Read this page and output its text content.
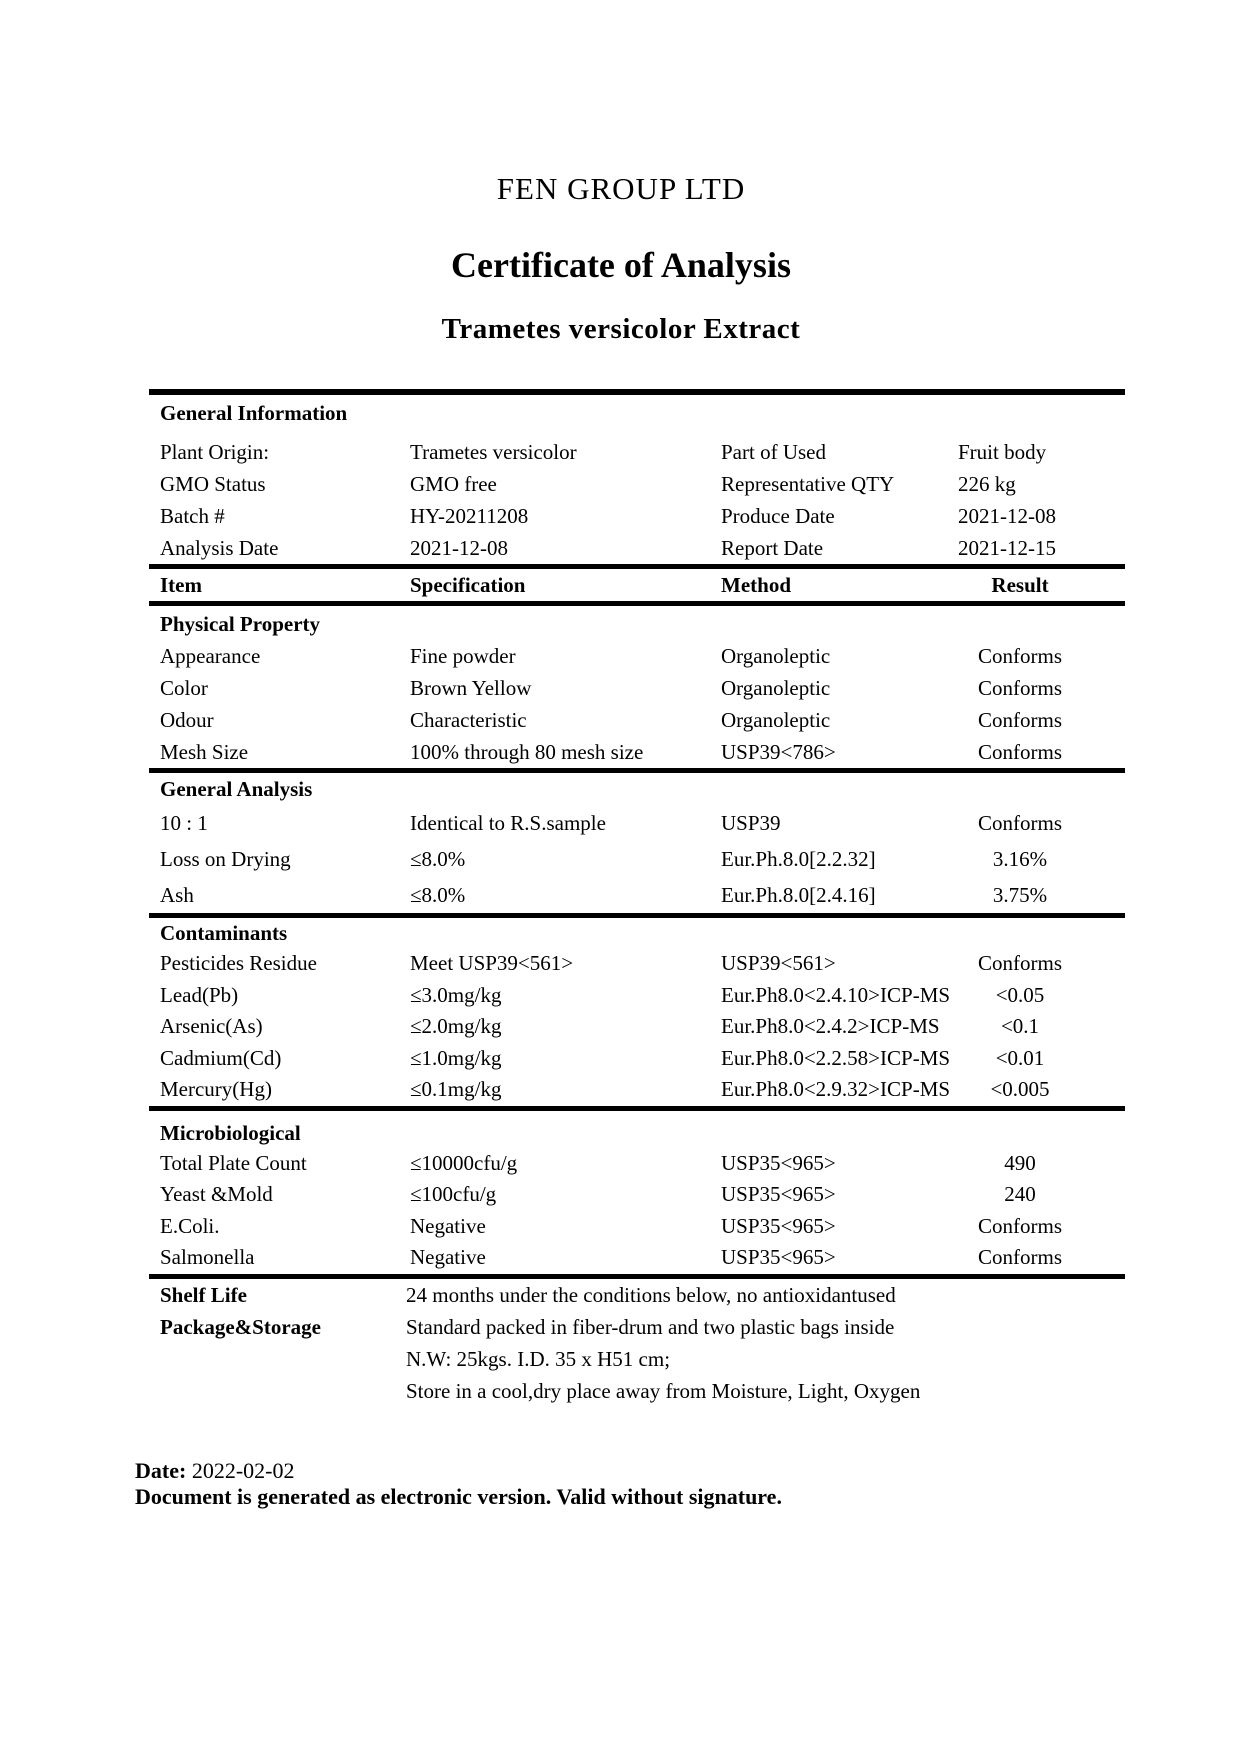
FEN GROUP LTD
Certificate of Analysis
Trametes versicolor Extract
General Information
Plant Origin:	Trametes versicolor	Part of Used	Fruit body
GMO Status	GMO free	Representative QTY	226 kg
Batch #	HY-20211208	Produce Date	2021-12-08
Analysis Date	2021-12-08	Report Date	2021-12-15
Item	Specification	Method	Result
Physical Property
Appearance	Fine powder	Organoleptic	Conforms
Color	Brown Yellow	Organoleptic	Conforms
Odour	Characteristic	Organoleptic	Conforms
Mesh Size	100% through 80 mesh size	USP39<786>	Conforms
General Analysis
10 : 1	Identical to R.S.sample	USP39	Conforms
Loss on Drying	≤8.0%	Eur.Ph.8.0[2.2.32]	3.16%
Ash	≤8.0%	Eur.Ph.8.0[2.4.16]	3.75%
Contaminants
Pesticides Residue	Meet USP39<561>	USP39<561>	Conforms
Lead(Pb)	≤3.0mg/kg	Eur.Ph8.0<2.4.10>ICP-MS	<0.05
Arsenic(As)	≤2.0mg/kg	Eur.Ph8.0<2.4.2>ICP-MS	<0.1
Cadmium(Cd)	≤1.0mg/kg	Eur.Ph8.0<2.2.58>ICP-MS	<0.01
Mercury(Hg)	≤0.1mg/kg	Eur.Ph8.0<2.9.32>ICP-MS	<0.005
Microbiological
Total Plate Count	≤10000cfu/g	USP35<965>	490
Yeast &Mold	≤100cfu/g	USP35<965>	240
E.Coli.	Negative	USP35<965>	Conforms
Salmonella	Negative	USP35<965>	Conforms
Shelf Life	24 months under the conditions below, no antioxidantused
Package&Storage	Standard packed in fiber-drum and two plastic bags inside
N.W: 25kgs. I.D. 35 x H51 cm;
Store in a cool,dry place away from Moisture, Light, Oxygen
Date: 2022-02-02
Document is generated as electronic version. Valid without signature.
